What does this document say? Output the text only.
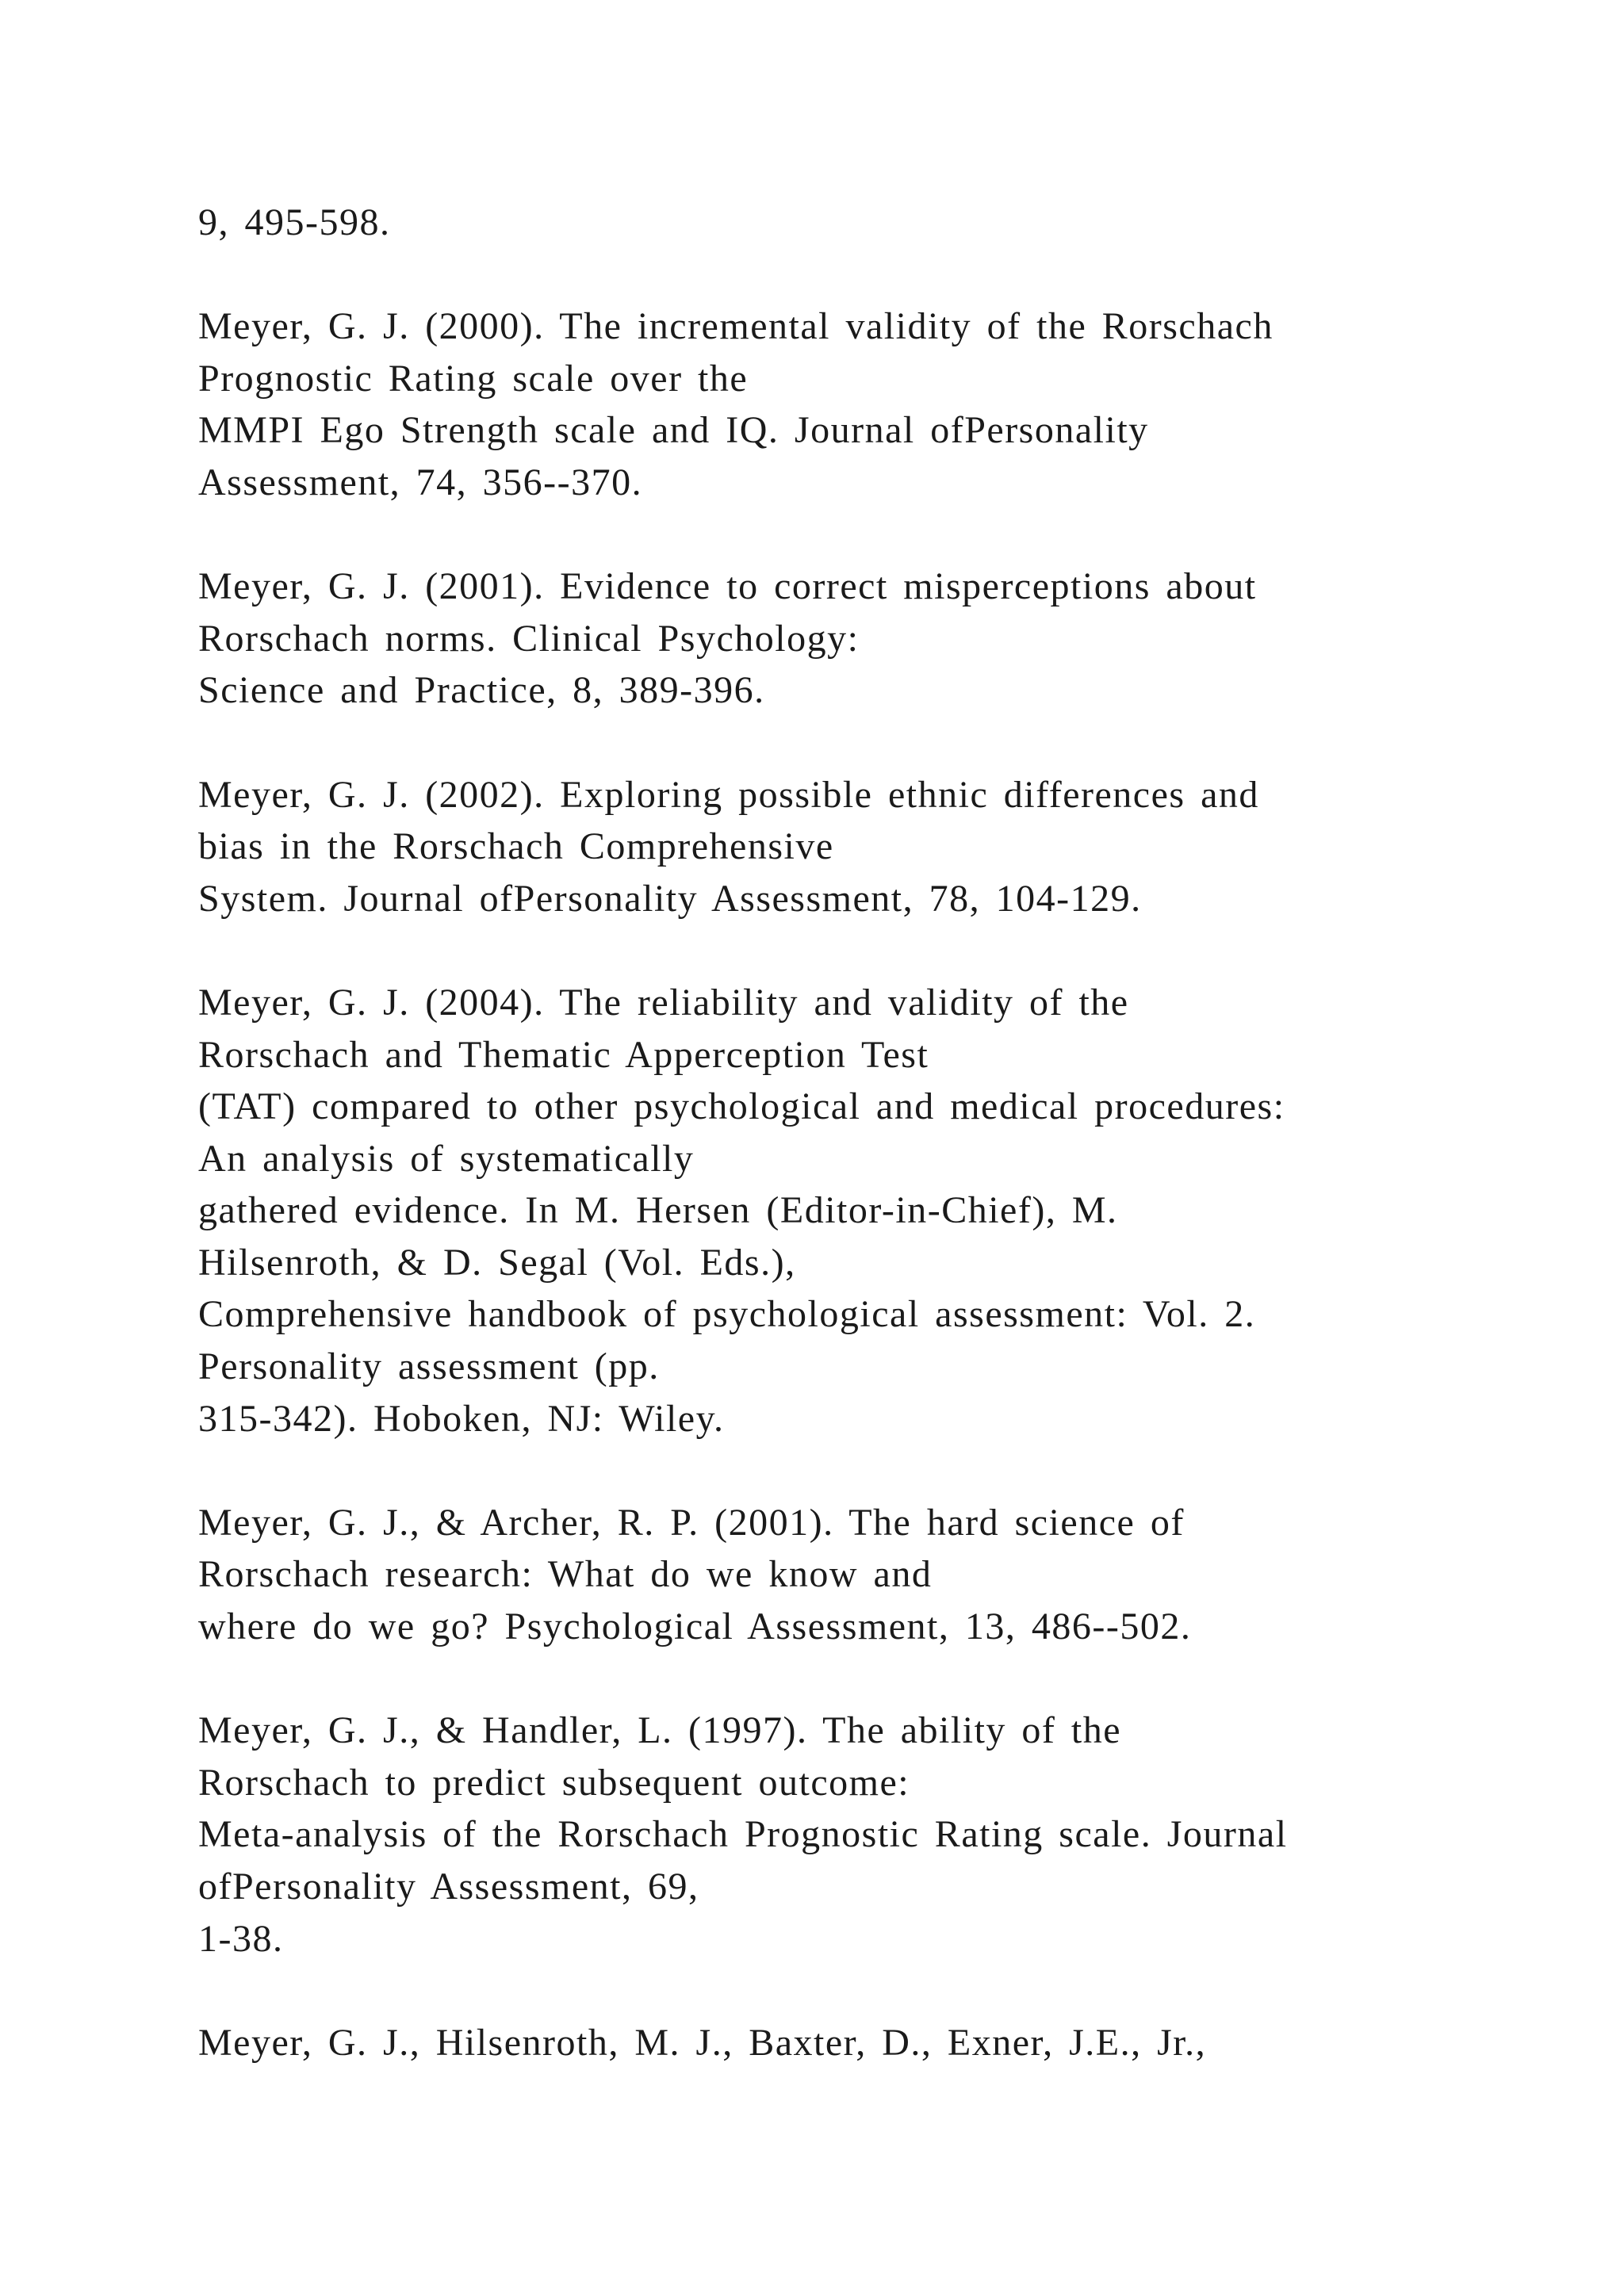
9, 495-598.
Meyer, G. J. (2000). The incremental validity of the Rorschach
Prognostic Rating scale over the
MMPI Ego Strength scale and IQ. Journal ofPersonality
Assessment, 74, 356--370.
Meyer, G. J. (2001). Evidence to correct misperceptions about
Rorschach norms. Clinical Psychology:
Science and Practice, 8, 389-396.
Meyer, G. J. (2002). Exploring possible ethnic differences and
bias in the Rorschach Comprehensive
System. Journal ofPersonality Assessment, 78, 104-129.
Meyer, G. J. (2004). The reliability and validity of the
Rorschach and Thematic Apperception Test
(TAT) compared to other psychological and medical procedures:
An analysis of systematically
gathered evidence. In M. Hersen (Editor-in-Chief), M.
Hilsenroth, & D. Segal (Vol. Eds.),
Comprehensive handbook of psychological assessment: Vol. 2.
Personality assessment (pp.
315-342). Hoboken, NJ: Wiley.
Meyer, G. J., & Archer, R. P. (2001). The hard science of
Rorschach research: What do we know and
where do we go? Psychological Assessment, 13, 486--502.
Meyer, G. J., & Handler, L. (1997). The ability of the
Rorschach to predict subsequent outcome:
Meta-analysis of the Rorschach Prognostic Rating scale. Journal
ofPersonality Assessment, 69,
1-38.
Meyer, G. J., Hilsenroth, M. J., Baxter, D., Exner, J.E., Jr.,
